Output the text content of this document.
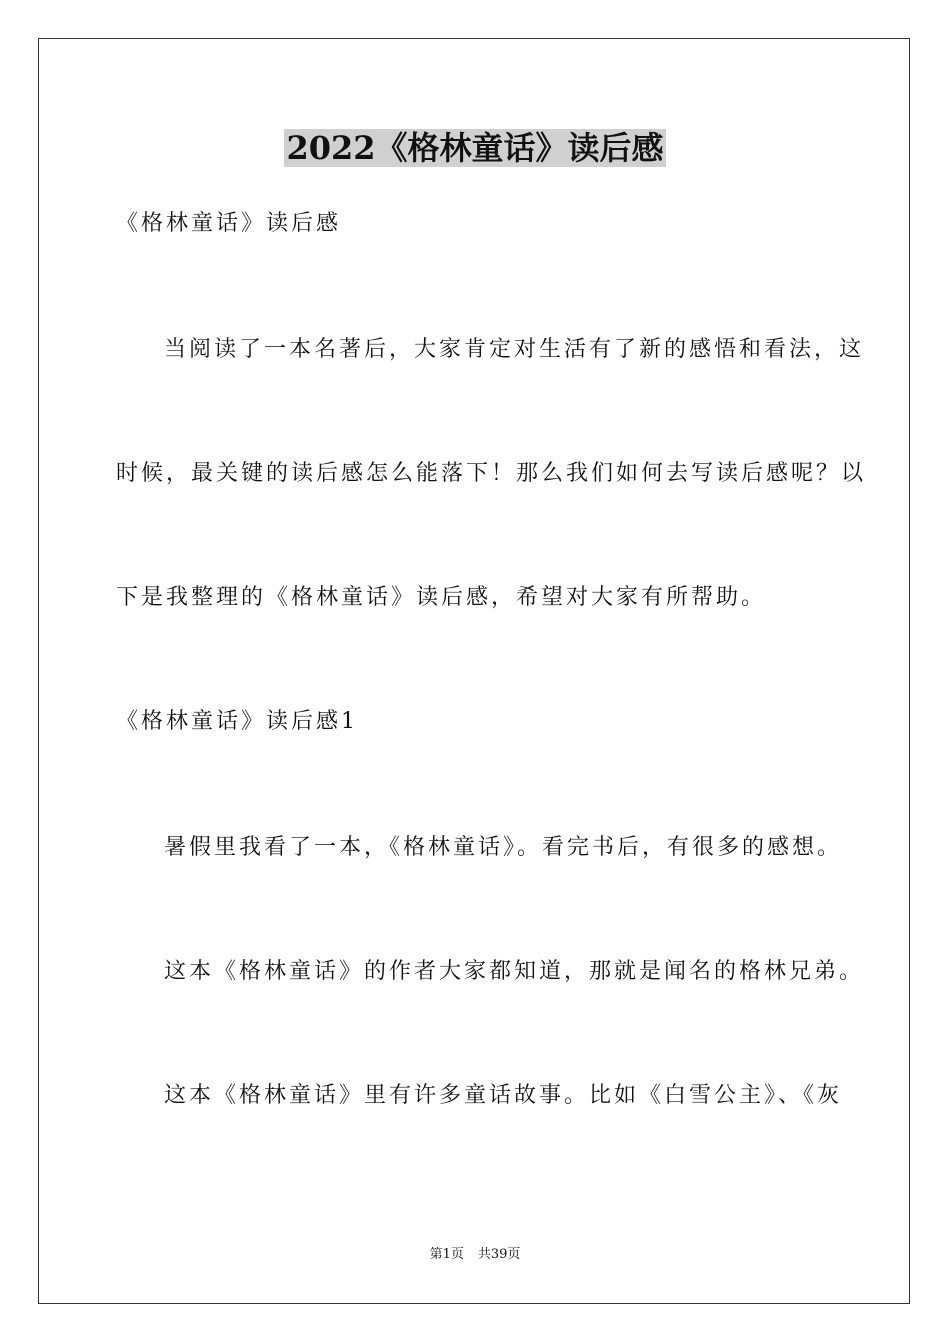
2022《格林童话》读后感
《格林童话》读后感
当阅读了一本名著后，大家肯定对生活有了新的感悟和看法，这
时候，最关键的读后感怎么能落下！那么我们如何去写读后感呢？以
下是我整理的《格林童话》读后感，希望对大家有所帮助。
《格林童话》读后感1
暑假里我看了一本，《格林童话》。看完书后，有很多的感想。
这本《格林童话》的作者大家都知道，那就是闻名的格林兄弟。
这本《格林童话》里有许多童话故事。比如《白雪公主》、《灰
第1页 共39页
